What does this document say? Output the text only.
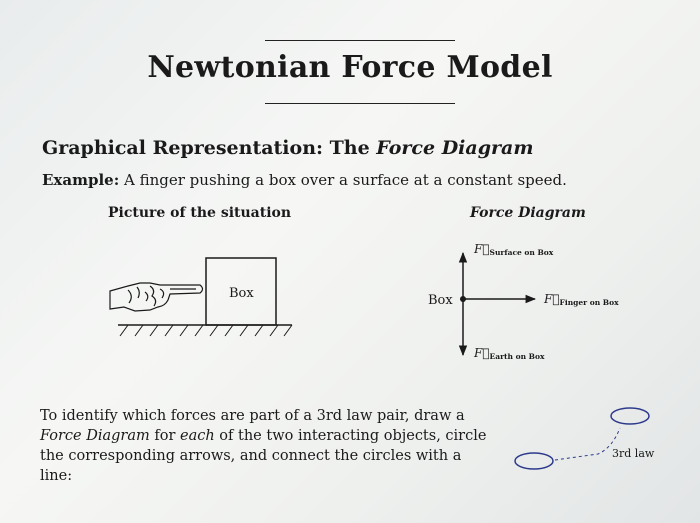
Newtonian Force Model
Graphical Representation: The Force Diagram
Example: A finger pushing a box over a surface at a constant speed.
Picture of the situation	Force Diagram
Box	Box
$F⃗_{Surface on Box}$
$F⃗_{Finger on Box}$
$F⃗_{Earth on Box}$
To identify which forces are part of a 3rd law pair, draw a Force Diagram for each of the two interacting objects, circle the corresponding arrows, and connect the circles with a line:
3rd law
